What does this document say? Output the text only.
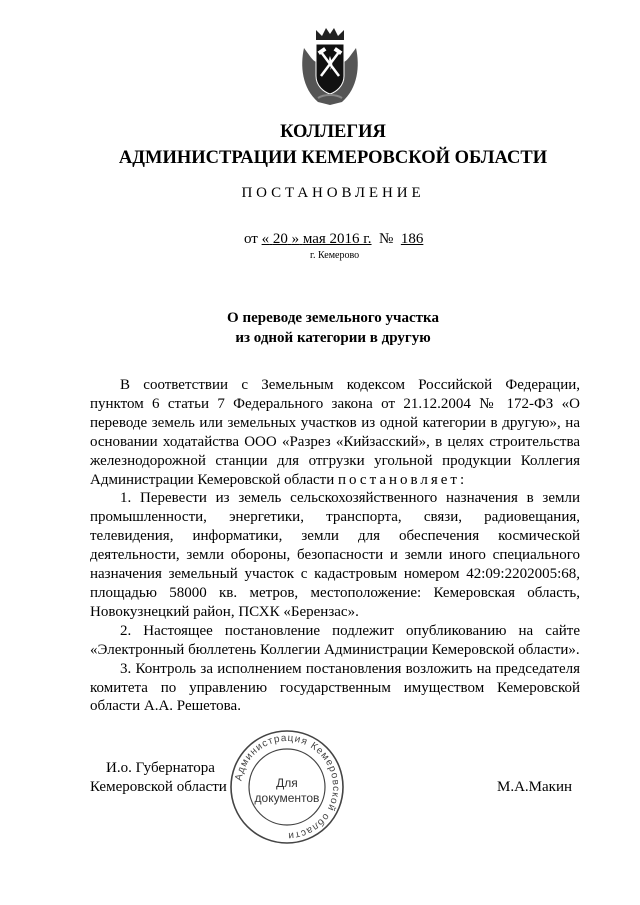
КОЛЛЕГИЯ
АДМИНИСТРАЦИИ КЕМЕРОВСКОЙ ОБЛАСТИ
ПОСТАНОВЛЕНИЕ
от « 20 » мая 2016 г. № 186
г. Кемерово
О переводе земельного участка
из одной категории в другую

В соответствии с Земельным кодексом Российской Федерации, пунктом 6 статьи 7 Федерального закона от 21.12.2004 № 172-ФЗ «О переводе земель или земельных участков из одной категории в другую», на основании ходатайства ООО «Разрез «Кийзасский», в целях строительства железнодорожной станции для отгрузки угольной продукции Коллегия Администрации Кемеровской области постановляет:

1. Перевести из земель сельскохозяйственного назначения в земли промышленности, энергетики, транспорта, связи, радиовещания, телевидения, информатики, земли для обеспечения космической деятельности, земли обороны, безопасности и земли иного специального назначения земельный участок с кадастровым номером 42:09:2202005:68, площадью 58000 кв. метров, местоположение: Кемеровская область, Новокузнецкий район, ПСХК «Берензас».

2. Настоящее постановление подлежит опубликованию на сайте «Электронный бюллетень Коллегии Администрации Кемеровской области».

3. Контроль за исполнением постановления возложить на председателя комитета по управлению государственным имуществом Кемеровской области А.А. Решетова.

И.о. Губернатора
Кемеровской области	М.А.Макин
Администрация Кемеровской области
Для
документов
